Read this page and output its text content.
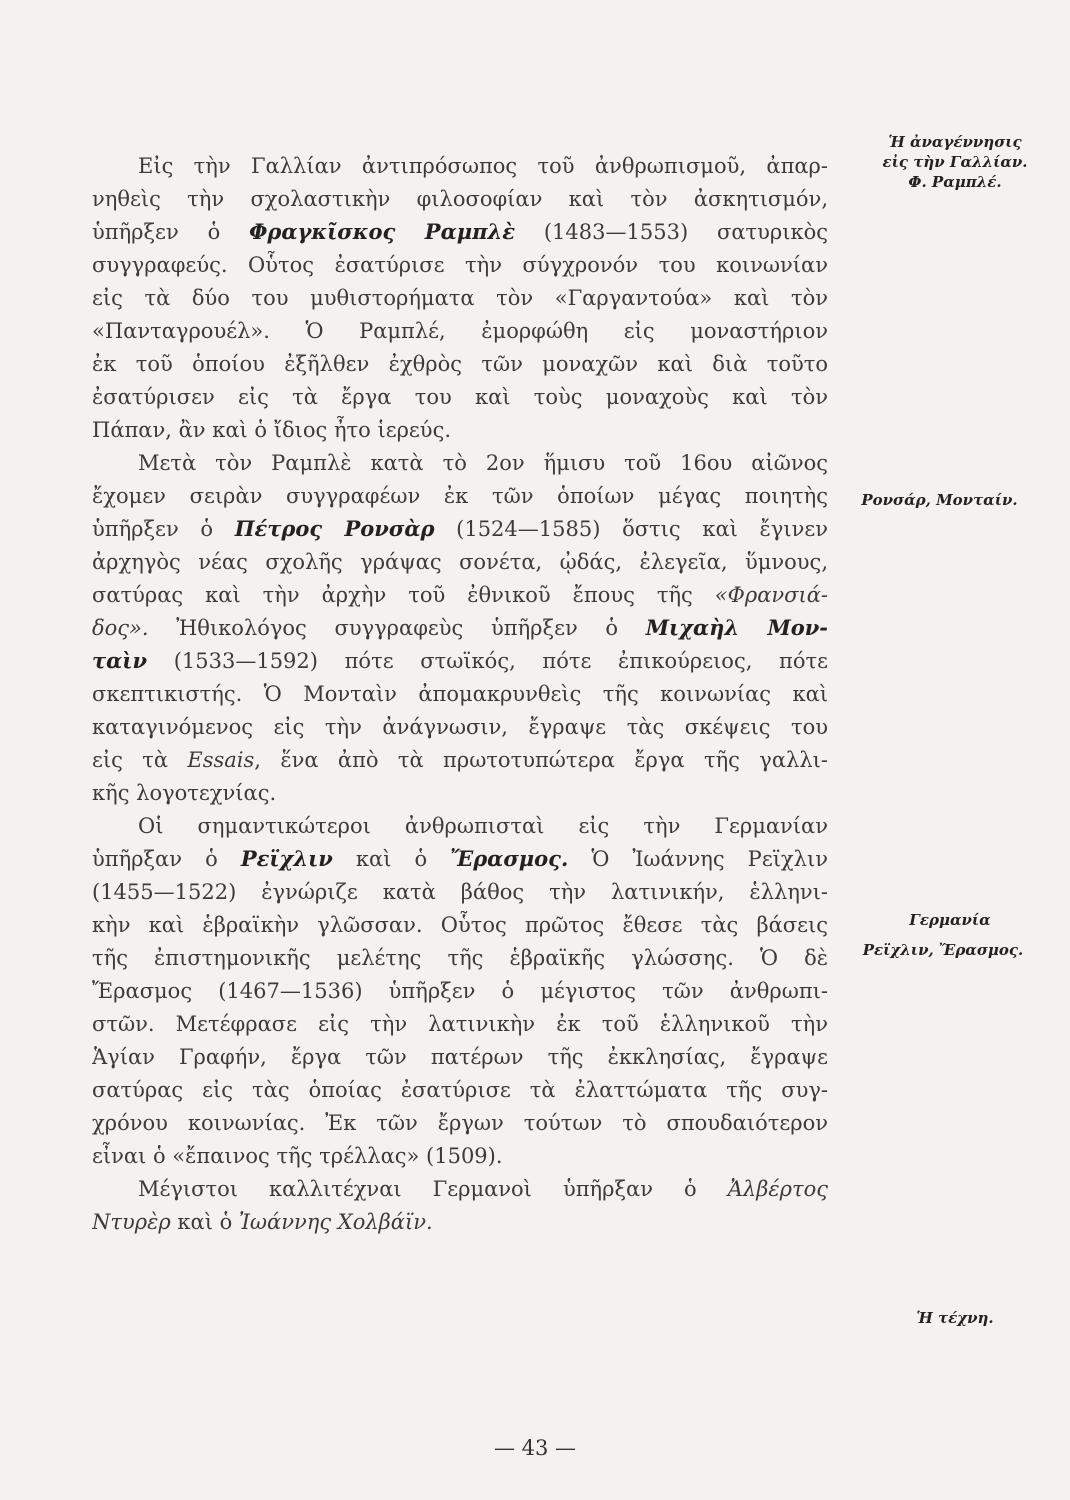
Ἡ ἀναγέννησις
εἰς τὴν Γαλλίαν.
Φ. Ραμπλέ.
Ρονσάρ, Μονταίν.
Γερμανία
Ρεϊχλιν, Ἔρασμος.
Ἡ τέχνη.
Εἰς τὴν Γαλλίαν ἀντιπρόσωπος τοῦ ἀνθρωπισμοῦ, ἀπαρ-
νηθεὶς τὴν σχολαστικὴν φιλοσοφίαν καὶ τὸν ἀσκητισμόν,
ὑπῆρξεν ὁ Φραγκῖσκος Ραμπλὲ (1483—1553) σατυρικὸς
συγγραφεύς. Οὗτος ἐσατύρισε τὴν σύγχρονόν του κοινωνίαν
εἰς τὰ δύο του μυθιστορήματα τὸν «Γαργαντούα» καὶ τὸν
«Πανταγρουέλ». Ὁ Ραμπλέ, ἐμορφώθη εἰς μοναστήριον
ἐκ τοῦ ὁποίου ἐξῆλθεν ἐχθρὸς τῶν μοναχῶν καὶ διὰ τοῦτο
ἐσατύρισεν εἰς τὰ ἔργα του καὶ τοὺς μοναχοὺς καὶ τὸν
Πάπαν, ἂν καὶ ὁ ἴδιος ἦτο ἱερεύς.
Μετὰ τὸν Ραμπλὲ κατὰ τὸ 2ον ἥμισυ τοῦ 16ου αἰῶνος
ἔχομεν σειρὰν συγγραφέων ἐκ τῶν ὁποίων μέγας ποιητὴς
ὑπῆρξεν ὁ Πέτρος Ρονσὰρ (1524—1585) ὅστις καὶ ἔγινεν
ἀρχηγὸς νέας σχολῆς γράψας σονέτα, ᾠδάς, ἐλεγεῖα, ὕμνους,
σατύρας καὶ τὴν ἀρχὴν τοῦ ἐθνικοῦ ἔπους τῆς «Φρανσιά-
δος». Ἠθικολόγος συγγραφεὺς ὑπῆρξεν ὁ Μιχαὴλ Μον-
ταὶν (1533—1592) πότε στωϊκός, πότε ἐπικούρειος, πότε
σκεπτικιστής. Ὁ Μονταὶν ἀπομακρυνθεὶς τῆς κοινωνίας καὶ
καταγινόμενος εἰς τὴν ἀνάγνωσιν, ἔγραψε τὰς σκέψεις του
εἰς τὰ Essais, ἕνα ἀπὸ τὰ πρωτοτυπώτερα ἔργα τῆς γαλλι-
κῆς λογοτεχνίας.
Οἱ σημαντικώτεροι ἀνθρωπισταὶ εἰς τὴν Γερμανίαν
ὑπῆρξαν ὁ Ρεϊχλιν καὶ ὁ Ἔρασμος. Ὁ Ἰωάννης Ρεϊχλιν
(1455—1522) ἐγνώριζε κατὰ βάθος τὴν λατινικήν, ἑλληνι-
κὴν καὶ ἑβραϊκὴν γλῶσσαν. Οὗτος πρῶτος ἔθεσε τὰς βάσεις
τῆς ἐπιστημονικῆς μελέτης τῆς ἑβραϊκῆς γλώσσης. Ὁ δὲ
Ἔρασμος (1467—1536) ὑπῆρξεν ὁ μέγιστος τῶν ἀνθρωπι-
στῶν. Μετέφρασε εἰς τὴν λατινικὴν ἐκ τοῦ ἑλληνικοῦ τὴν
Ἁγίαν Γραφήν, ἔργα τῶν πατέρων τῆς ἐκκλησίας, ἔγραψε
σατύρας εἰς τὰς ὁποίας ἐσατύρισε τὰ ἐλαττώματα τῆς συγ-
χρόνου κοινωνίας. Ἐκ τῶν ἔργων τούτων τὸ σπουδαιότερον
εἶναι ὁ «ἔπαινος τῆς τρέλλας» (1509).
Μέγιστοι καλλιτέχναι Γερμανοὶ ὑπῆρξαν ὁ Ἀλβέρτος
Ντυρὲρ καὶ ὁ Ἰωάννης Χολβάϊν.
— 43 —
